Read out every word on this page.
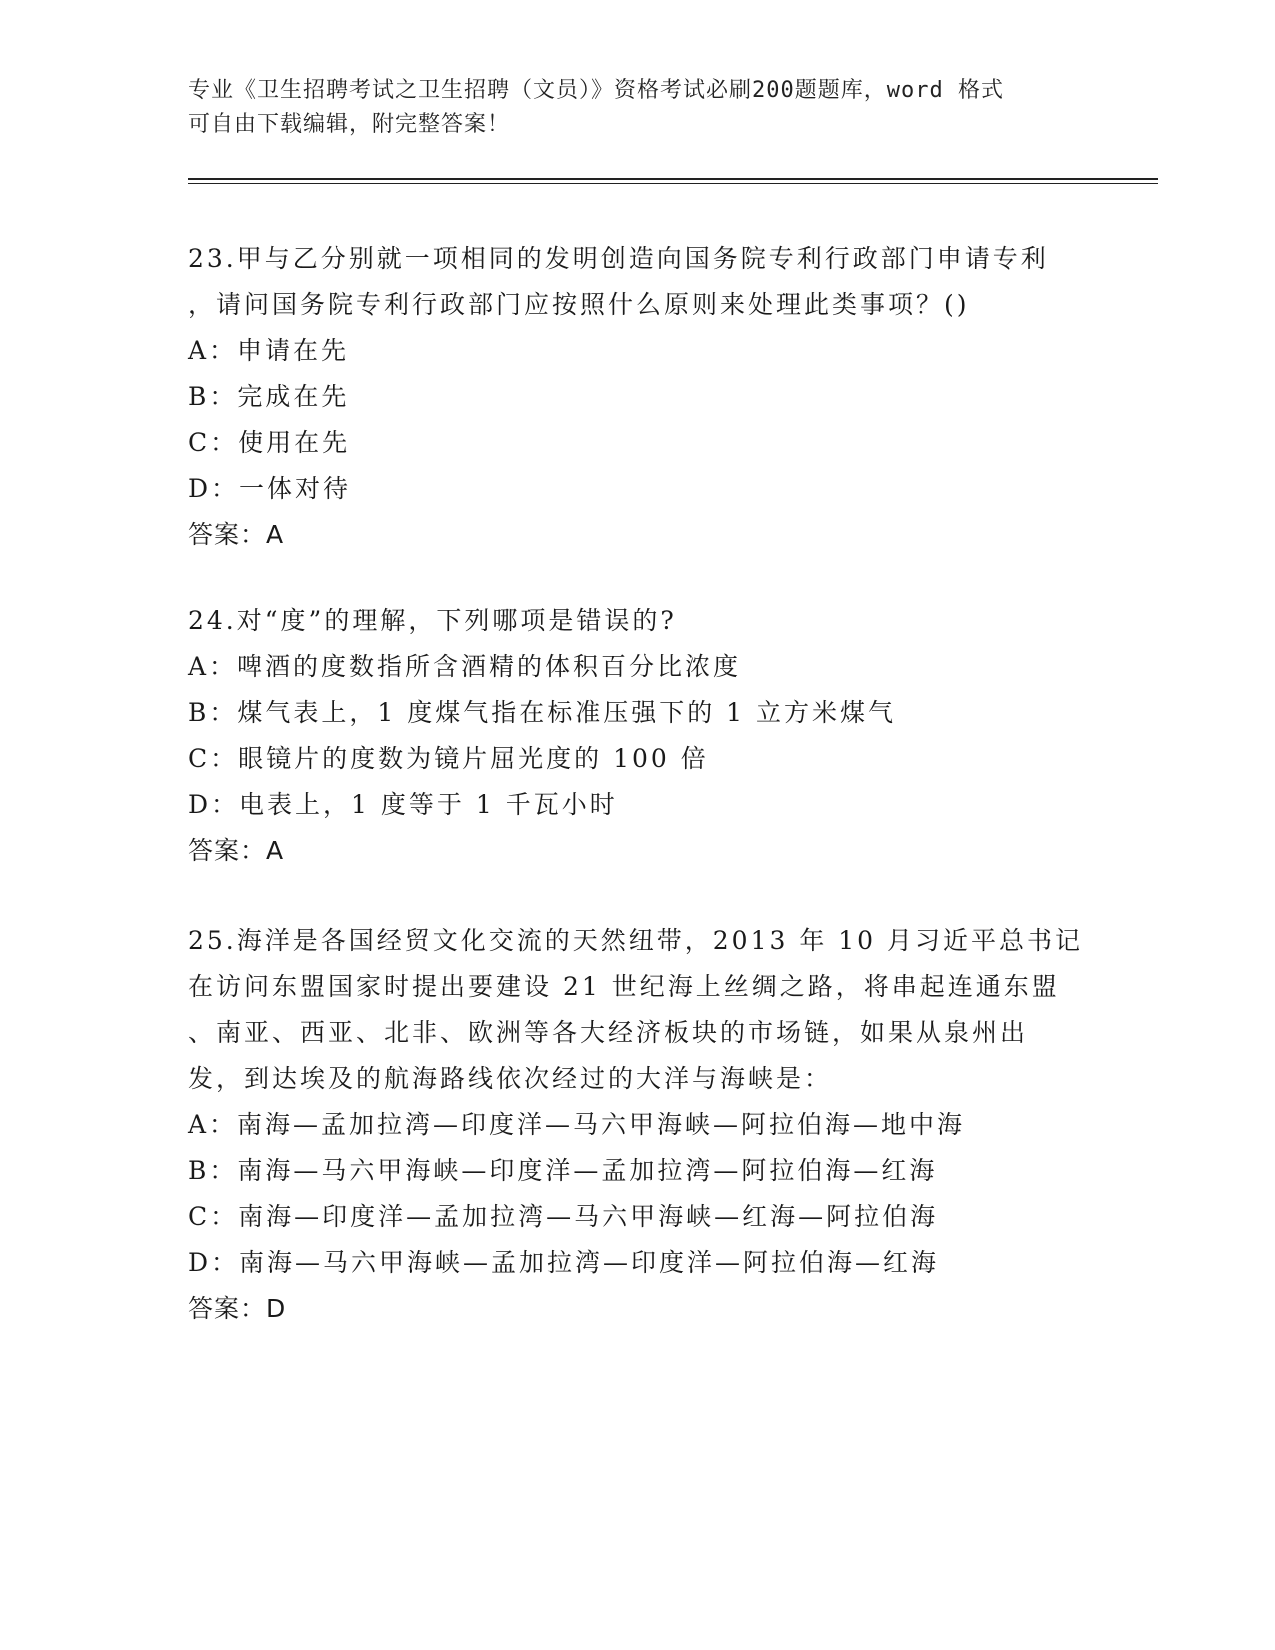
专业《卫生招聘考试之卫生招聘（文员）》资格考试必刷200题题库，word 格式

可自由下载编辑，附完整答案！

23.甲与乙分别就一项相同的发明创造向国务院专利行政部门申请专利
，请问国务院专利行政部门应按照什么原则来处理此类事项？()

A：申请在先

B：完成在先

C：使用在先

D：一体对待

答案：A

24.对“度”的理解，下列哪项是错误的?

A：啤酒的度数指所含酒精的体积百分比浓度

B：煤气表上，1 度煤气指在标准压强下的 1 立方米煤气

C：眼镜片的度数为镜片屈光度的 100 倍

D：电表上，1 度等于 1 千瓦小时

答案：A

25.海洋是各国经贸文化交流的天然纽带，2013 年 10 月习近平总书记
在访问东盟国家时提出要建设 21 世纪海上丝绸之路，将串起连通东盟
、南亚、西亚、北非、欧洲等各大经济板块的市场链，如果从泉州出
发，到达埃及的航海路线依次经过的大洋与海峡是：

A：南海—孟加拉湾—印度洋—马六甲海峡—阿拉伯海—地中海

B：南海—马六甲海峡—印度洋—孟加拉湾—阿拉伯海—红海

C：南海—印度洋—孟加拉湾—马六甲海峡—红海—阿拉伯海

D：南海—马六甲海峡—孟加拉湾—印度洋—阿拉伯海—红海

答案：D
